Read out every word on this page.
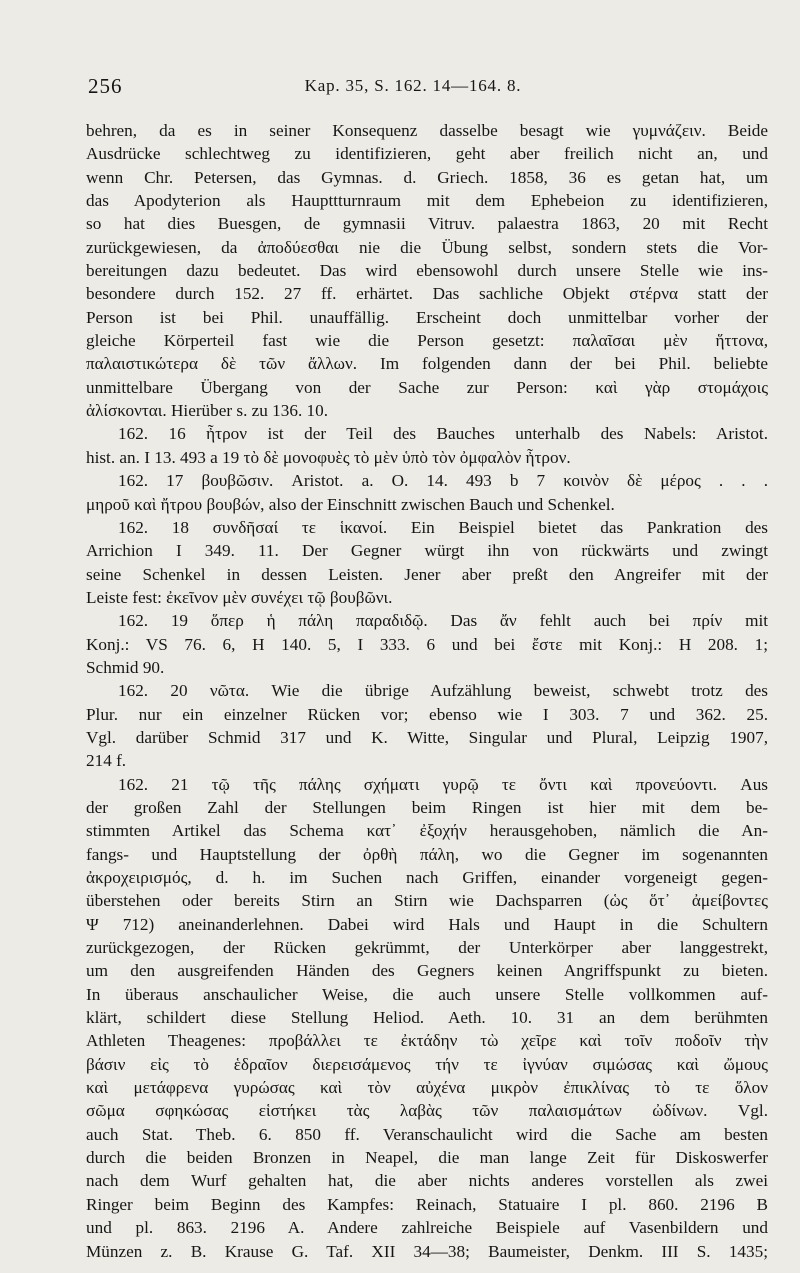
256	Kap. 35, S. 162. 14—164. 8.
behren, da es in seiner Konsequenz dasselbe besagt wie γυμνάζειν. Beide
Ausdrücke schlechtweg zu identifizieren, geht aber freilich nicht an, und
wenn Chr. Petersen, das Gymnas. d. Griech. 1858, 36 es getan hat, um
das Apodyterion als Haupttturnraum mit dem Ephebeion zu identifizieren,
so hat dies Buesgen, de gymnasii Vitruv. palaestra 1863, 20 mit Recht
zurückgewiesen, da ἀποδύεσθαι nie die Übung selbst, sondern stets die Vor-
bereitungen dazu bedeutet. Das wird ebensowohl durch unsere Stelle wie ins-
besondere durch 152. 27 ff. erhärtet. Das sachliche Objekt στέρνα statt der
Person ist bei Phil. unauffällig. Erscheint doch unmittelbar vorher der
gleiche Körperteil fast wie die Person gesetzt: παλαῖσαι μὲν ἥττονα,
παλαιστικώτερα δὲ τῶν ἄλλων. Im folgenden dann der bei Phil. beliebte
unmittelbare Übergang von der Sache zur Person: καὶ γὰρ στομάχοις
ἀλίσκονται. Hierüber s. zu 136. 10.
162. 16 ἦτρον ist der Teil des Bauches unterhalb des Nabels: Aristot.
hist. an. I 13. 493 a 19 τὸ δὲ μονοφυὲς τὸ μὲν ὑπὸ τὸν ὀμφαλὸν ἦτρον.
162. 17 βουβῶσιν. Aristot. a. O. 14. 493 b 7 κοινὸν δὲ μέρος . . .
μηροῦ καὶ ἤτρου βουβών, also der Einschnitt zwischen Bauch und Schenkel.
162. 18 συνδῆσαί τε ἱκανοί. Ein Beispiel bietet das Pankration des
Arrichion I 349. 11. Der Gegner würgt ihn von rückwärts und zwingt
seine Schenkel in dessen Leisten. Jener aber preßt den Angreifer mit der
Leiste fest: ἐκεῖνον μὲν συνέχει τῷ βουβῶνι.
162. 19 ὅπερ ἡ πάλη παραδιδῷ. Das ἄν fehlt auch bei πρίν mit
Konj.: VS 76. 6, H 140. 5, I 333. 6 und bei ἔστε mit Konj.: H 208. 1;
Schmid 90.
162. 20 νῶτα. Wie die übrige Aufzählung beweist, schwebt trotz des
Plur. nur ein einzelner Rücken vor; ebenso wie I 303. 7 und 362. 25.
Vgl. darüber Schmid 317 und K. Witte, Singular und Plural, Leipzig 1907,
214 f.
162. 21 τῷ τῆς πάλης σχήματι γυρῷ τε ὄντι καὶ προνεύοντι. Aus
der großen Zahl der Stellungen beim Ringen ist hier mit dem be-
stimmten Artikel das Schema κατ᾽ ἐξοχήν herausgehoben, nämlich die An-
fangs- und Hauptstellung der ὀρθὴ πάλη, wo die Gegner im sogenannten
ἀκροχειρισμός, d. h. im Suchen nach Griffen, einander vorgeneigt gegen-
überstehen oder bereits Stirn an Stirn wie Dachsparren (ὡς ὅτ᾽ ἀμείβοντες
Ψ 712) aneinanderlehnen. Dabei wird Hals und Haupt in die Schultern
zurückgezogen, der Rücken gekrümmt, der Unterkörper aber langgestrekt,
um den ausgreifenden Händen des Gegners keinen Angriffspunkt zu bieten.
In überaus anschaulicher Weise, die auch unsere Stelle vollkommen auf-
klärt, schildert diese Stellung Heliod. Aeth. 10. 31 an dem berühmten
Athleten Theagenes: προβάλλει τε ἐκτάδην τὼ χεῖρε καὶ τοῖν ποδοῖν τὴν
βάσιν εἰς τὸ ἑδραῖον διερεισάμενος τήν τε ἰγνύαν σιμώσας καὶ ὤμους
καὶ μετάφρενα γυρώσας καὶ τὸν αὐχένα μικρὸν ἐπικλίνας τὸ τε ὅλον
σῶμα σφηκώσας εἱστήκει τὰς λαβὰς τῶν παλαισμάτων ὠδίνων. Vgl.
auch Stat. Theb. 6. 850 ff. Veranschaulicht wird die Sache am besten
durch die beiden Bronzen in Neapel, die man lange Zeit für Diskoswerfer
nach dem Wurf gehalten hat, die aber nichts anderes vorstellen als zwei
Ringer beim Beginn des Kampfes: Reinach, Statuaire I pl. 860. 2196 B
und pl. 863. 2196 A. Andere zahlreiche Beispiele auf Vasenbildern und
Münzen z. B. Krause G. Taf. XII 34—38; Baumeister, Denkm. III S. 1435;
